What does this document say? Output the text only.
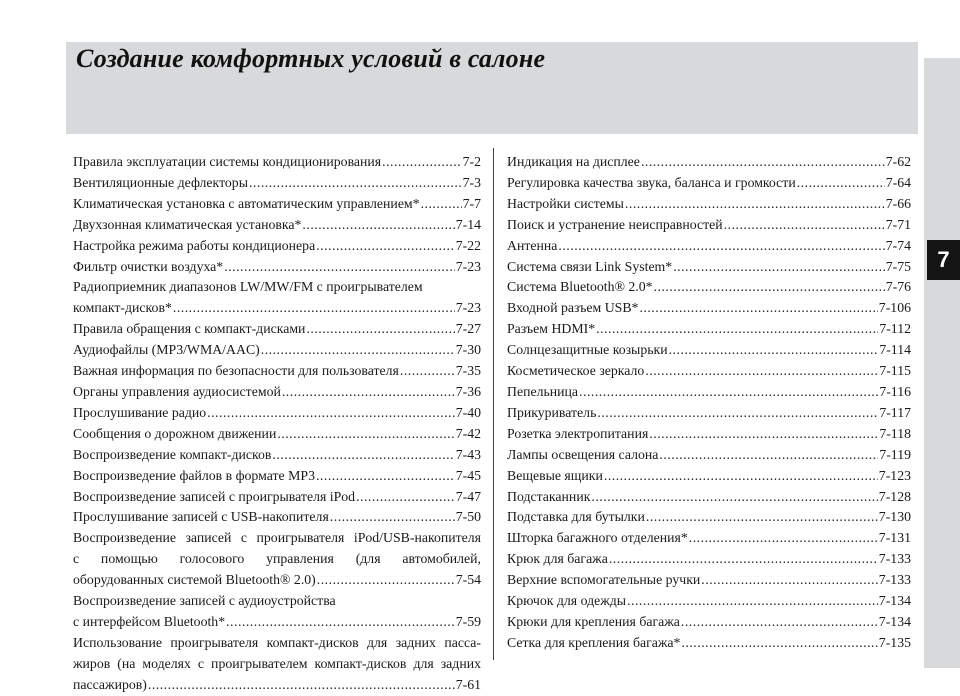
Создание комфортных условий в салоне
7
Правила эксплуатации системы кондиционирования .....	7-2
Вентиляционные дефлекторы .....	7-3
Климатическая установка с автоматическим управлением* .....	7-7
Двухзонная климатическая установка* .....	7-14
Настройка режима работы кондиционера .....	7-22
Фильтр очистки воздуха* .....	7-23
Радиоприемник диапазонов LW/MW/FM с проигрывателем
компакт-дисков* .....	7-23
Правила обращения с компакт-дисками .....	7-27
Аудиофайлы (MP3/WMA/AAC) .....	7-30
Важная информация по безопасности для пользователя .....	7-35
Органы управления аудиосистемой .....	7-36
Прослушивание радио .....	7-40
Сообщения о дорожном движении .....	7-42
Воспроизведение компакт-дисков .....	7-43
Воспроизведение файлов в формате MP3 .....	7-45
Воспроизведение записей с проигрывателя iPod .....	7-47
Прослушивание записей с USB-накопителя .....	7-50
Воспроизведение записей с проигрывателя iPod/USB-накопителя
с помощью голосового управления (для автомобилей,
оборудованных системой Bluetooth® 2.0) .....	7-54
Воспроизведение записей с аудиоустройства
с интерфейсом Bluetooth* .....	7-59
Использование проигрывателя компакт-дисков для задних пасса-
жиров (на моделях с проигрывателем компакт-дисков для задних
пассажиров) .....	7-61
Индикация на дисплее .....	7-62
Регулировка качества звука, баланса и громкости .....	7-64
Настройки системы .....	7-66
Поиск и устранение неисправностей .....	7-71
Антенна .....	7-74
Система связи Link System* .....	7-75
Система Bluetooth® 2.0* .....	7-76
Входной разъем USB* .....	7-106
Разъем HDMI* .....	7-112
Солнцезащитные козырьки .....	7-114
Косметическое зеркало .....	7-115
Пепельница .....	7-116
Прикуриватель .....	7-117
Розетка электропитания .....	7-118
Лампы освещения салона .....	7-119
Вещевые ящики .....	7-123
Подстаканник .....	7-128
Подставка для бутылки .....	7-130
Шторка багажного отделения* .....	7-131
Крюк для багажа .....	7-133
Верхние вспомогательные ручки .....	7-133
Крючок для одежды .....	7-134
Крюки для крепления багажа .....	7-134
Сетка для крепления багажа* .....	7-135
